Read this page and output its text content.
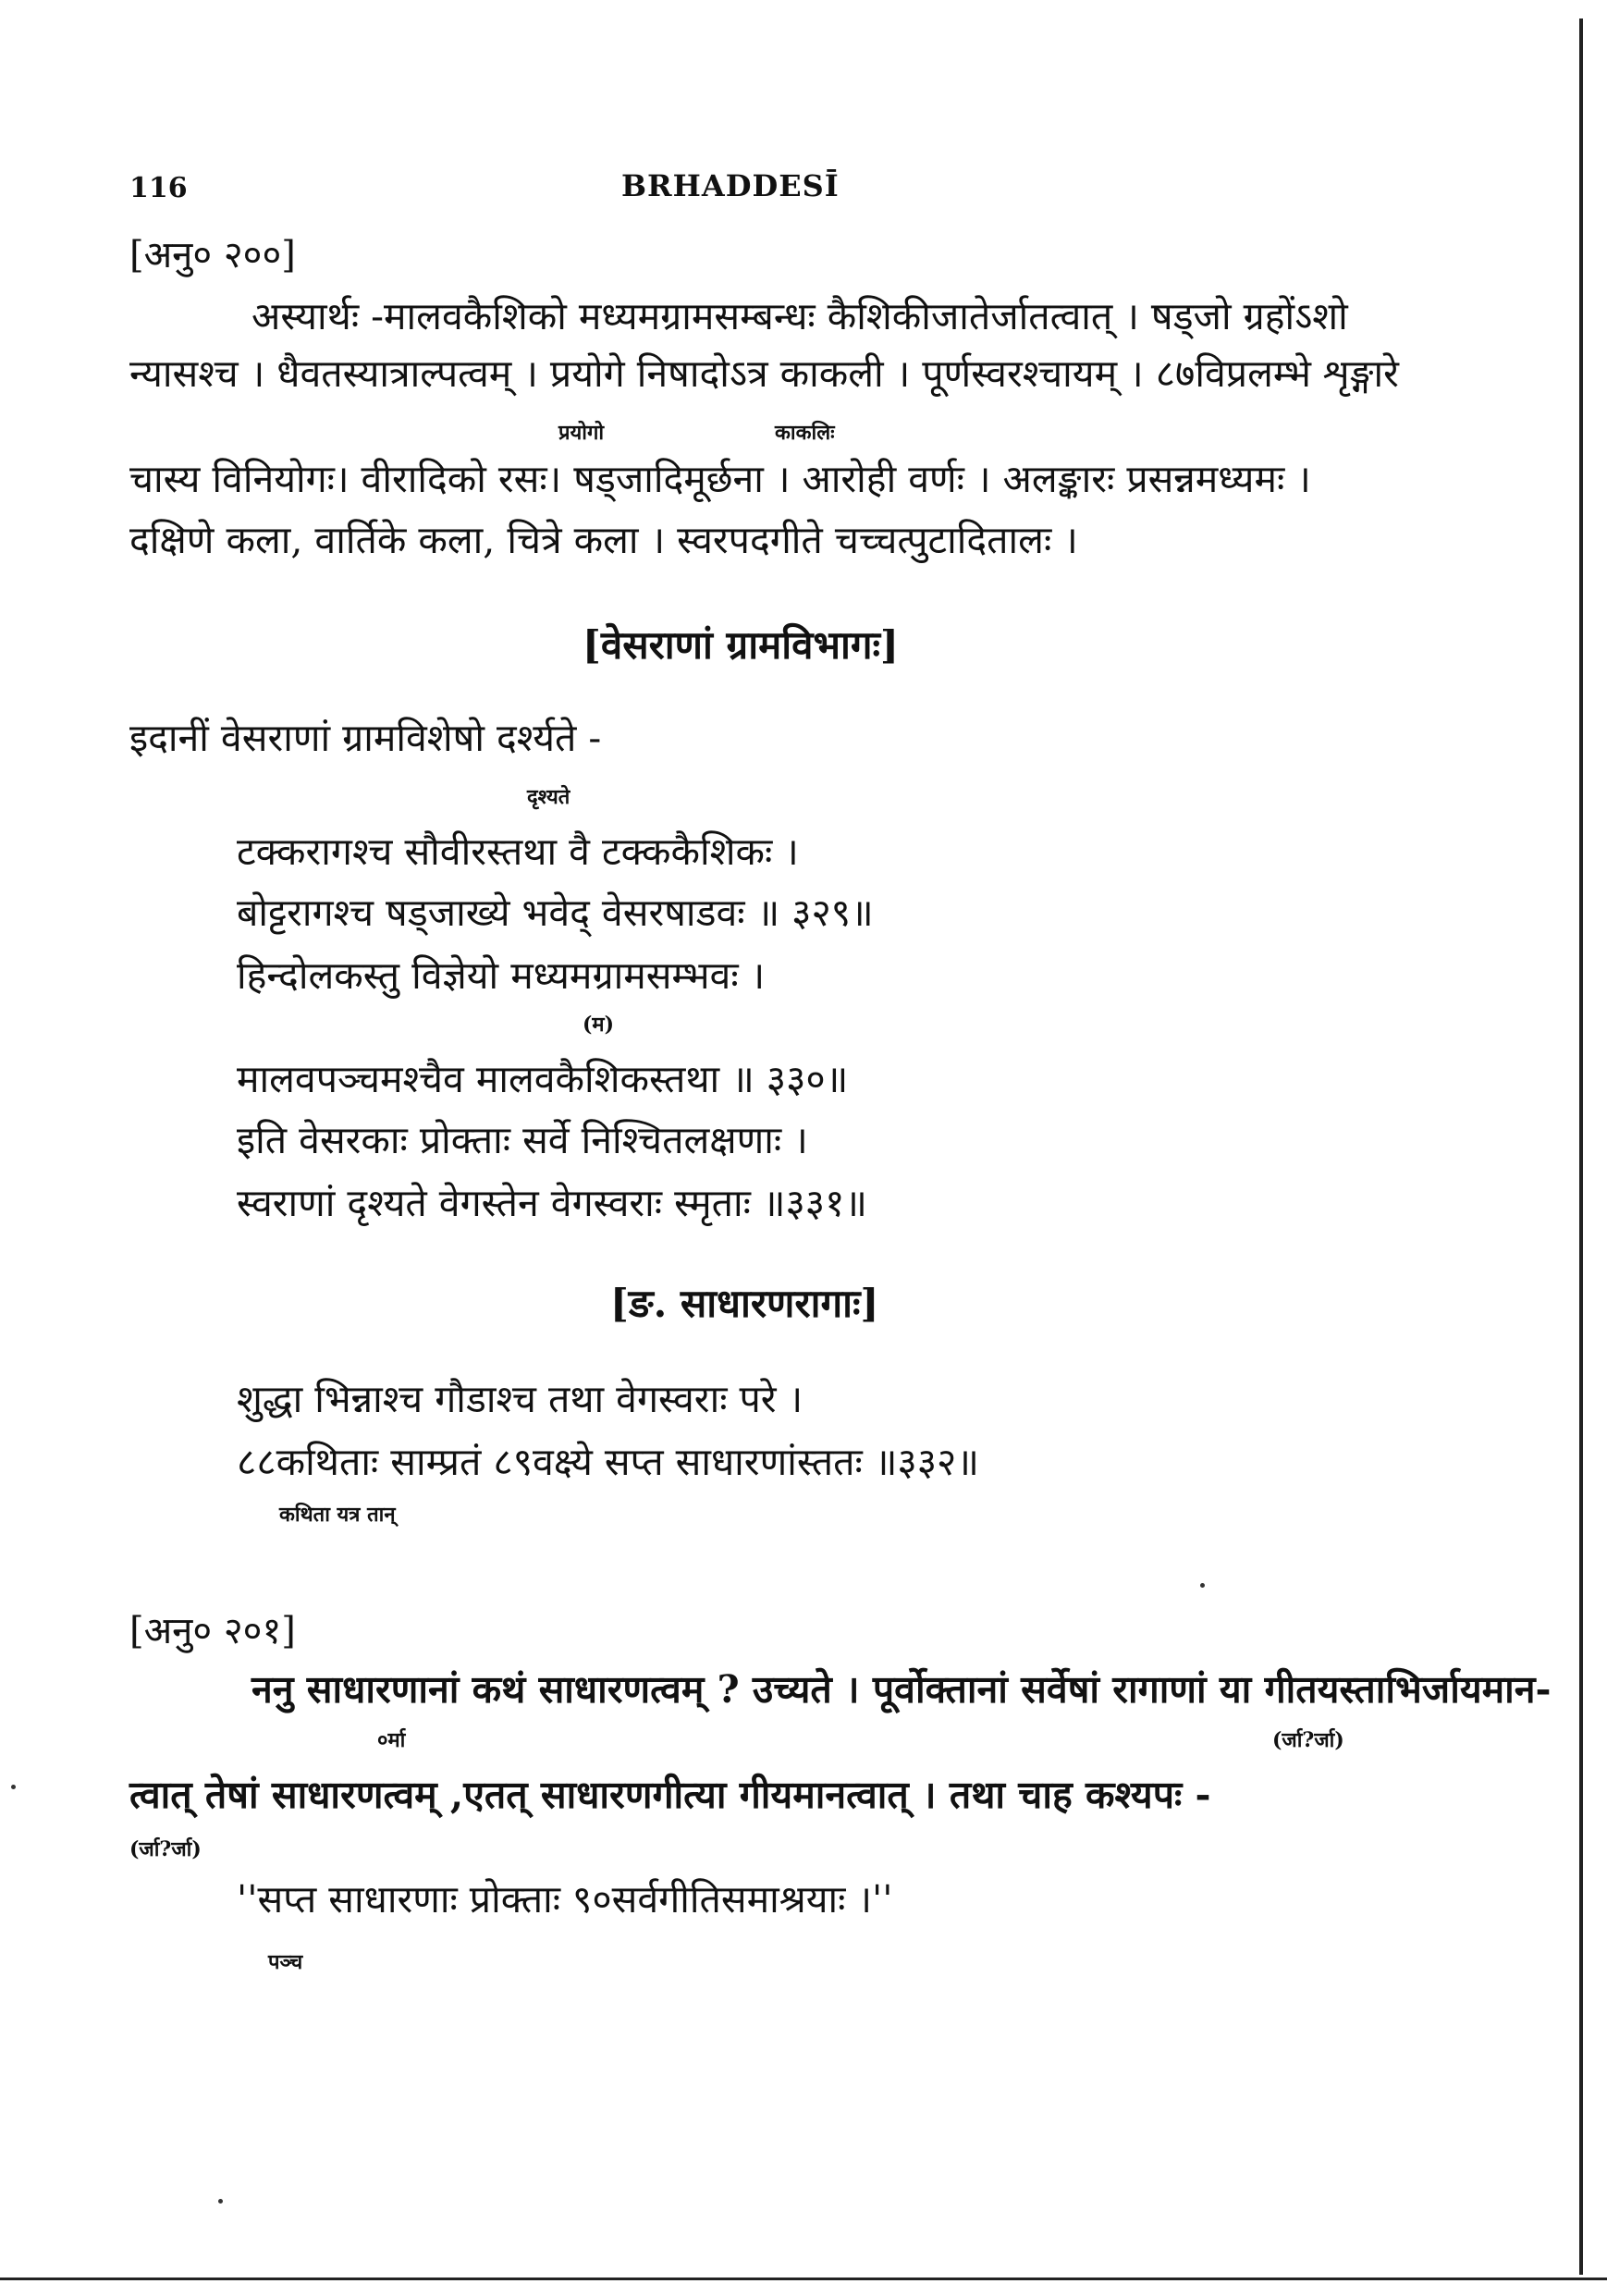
116	BRHADDESĪ
[अनु० २००]
अस्यार्थः -मालवकैशिको मध्यमग्रामसम्बन्धः कैशिकीजातेर्जातत्वात् । षड्जो ग्रहोंऽशो
न्यासश्च । धैवतस्यात्राल्पत्वम् । प्रयोगे निषादोऽत्र काकली । पूर्णस्वरश्चायम् । ८७विप्रलम्भे शृङ्गारे
प्रयोगो	काकलिः
चास्य विनियोगः। वीरादिको रसः। षड्जादिमूर्छना । आरोही वर्णः । अलङ्कारः प्रसन्नमध्यमः ।
दक्षिणे कला, वार्तिके कला, चित्रे कला । स्वरपदगीते चच्चत्पुटादितालः ।
[वेसराणां ग्रामविभागः]
इदानीं वेसराणां ग्रामविशेषो दर्श्यते -
दृश्यते
टक्करागश्च सौवीरस्तथा वै टक्ककैशिकः ।
बोट्टरागश्च षड्जाख्ये भवेद् वेसरषाडवः ॥ ३२९॥
हिन्दोलकस्तु विज्ञेयो मध्यमग्रामसम्भवः ।
(म)
मालवपञ्चमश्चैव मालवकैशिकस्तथा ॥ ३३०॥
इति वेसरकाः प्रोक्ताः सर्वे निश्चितलक्षणाः ।
स्वराणां दृश्यते वेगस्तेन वेगस्वराः स्मृताः ॥३३१॥
[ङ. साधारणरागाः]
शुद्धा भिन्नाश्च गौडाश्च तथा वेगस्वराः परे ।
८८कथिताः साम्प्रतं ८९वक्ष्ये सप्त साधारणांस्ततः ॥३३२॥
कथिता यत्र तान्
[अनु० २०१]
ननु साधारणानां कथं साधारणत्वम् ? उच्यते । पूर्वोक्तानां सर्वेषां रागाणां या गीतयस्ताभिर्जायमान-
०र्मा	(र्जा?र्जा)
त्वात् तेषां साधारणत्वम् ,एतत् साधारणगीत्या गीयमानत्वात् । तथा चाह कश्यपः -
(र्जा?र्जा)
''सप्त साधारणाः प्रोक्ताः ९०सर्वगीतिसमाश्रयाः ।''
पञ्च
